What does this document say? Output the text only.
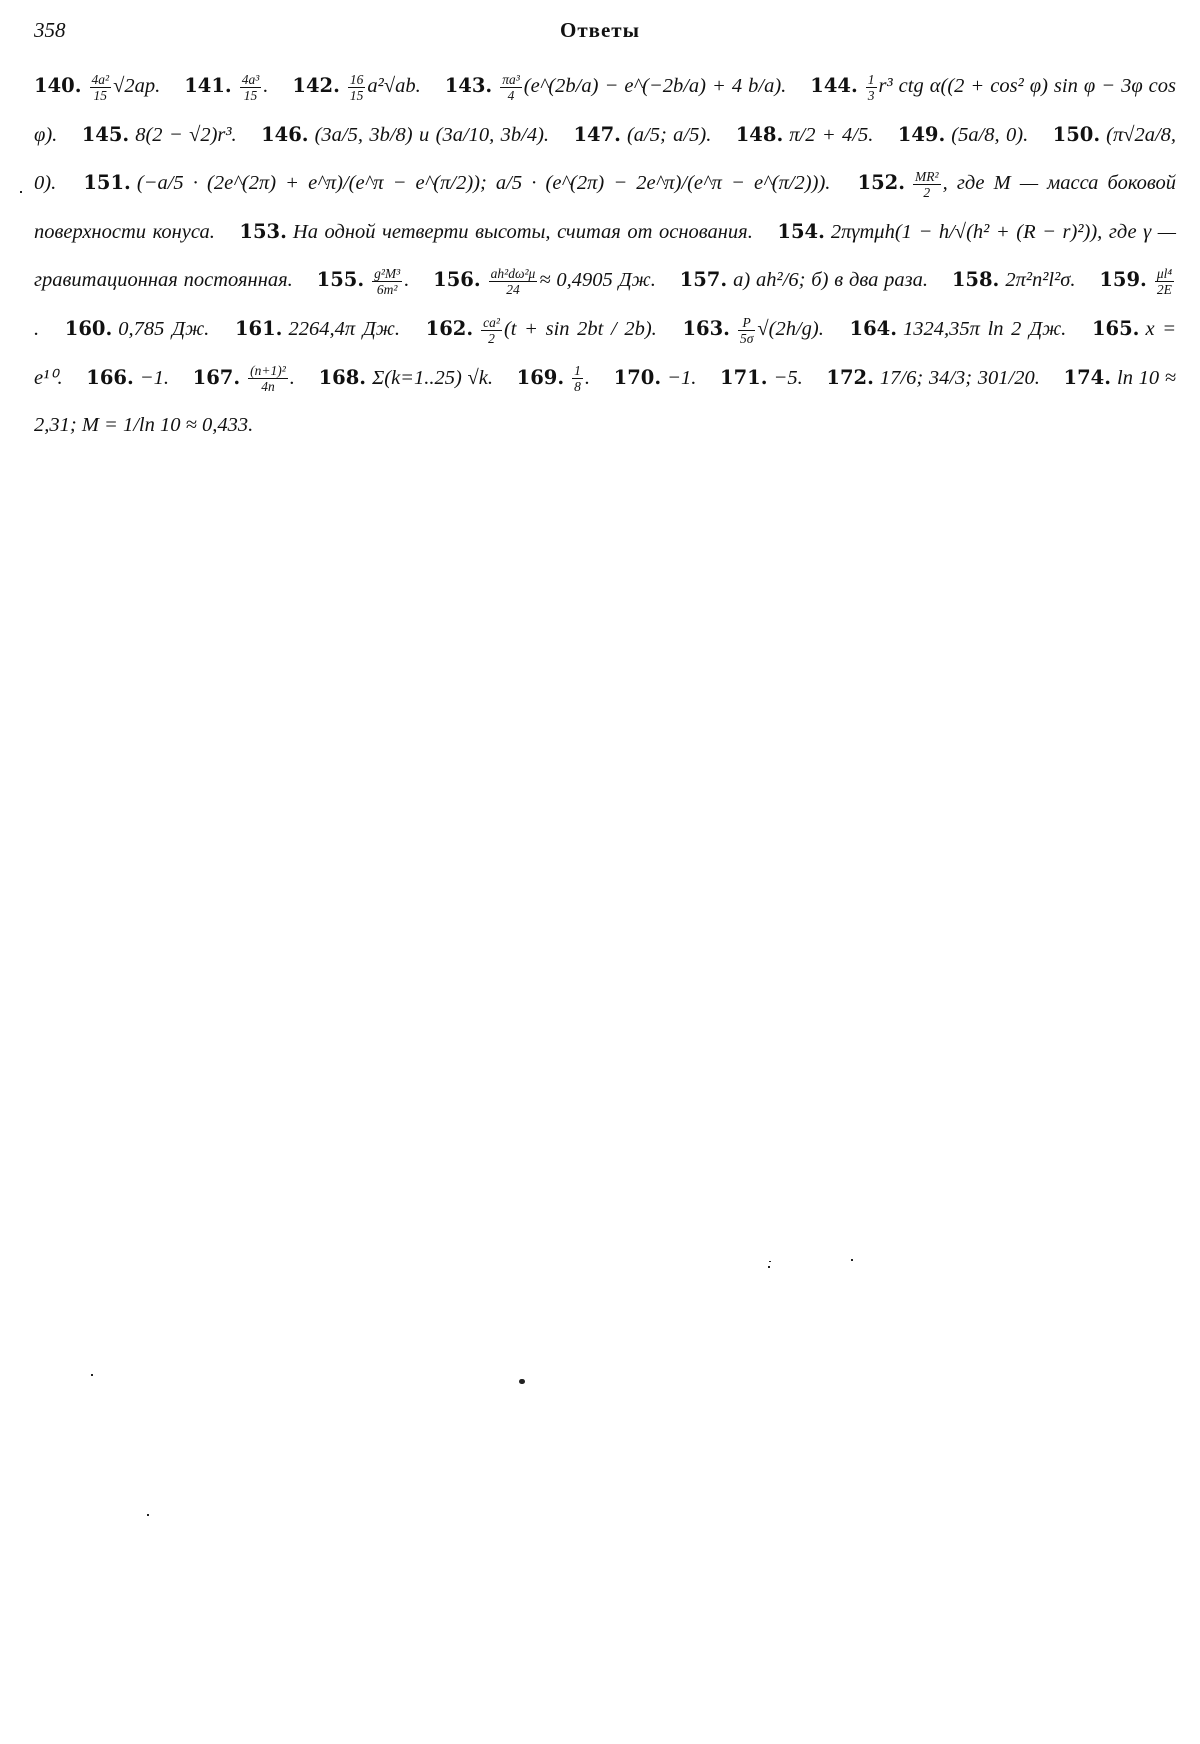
358	Ответы
140. $\frac{\text{4a²}}{15} √2ap$. 141. $\frac{\text{4a³}}{15}$ . 142. $\frac{16}{15} a^2√ab$. 143. $\frac{\text{πa³}}{4}$ (e^(2b/a) − e^(−2b/a) + 4 b/a). 144. $\frac{1}{3} r^3$ ctg α((2 + cos² φ) sin φ − 3φ cos φ). 145. 8(2 − √2)r³. 146. (3a/5, 3b/8) и (3a/10, 3b/4). 147. (a/5; a/5). 148. π/2 + 4/5. 149. (5a/8, 0). 150. (π√2a/8, 0). 151. (−a/5 · (2e^(2π) + e^π)/(e^π − e^(π/2)); a/5 · (e^(2π) − 2e^π)/(e^π − e^(π/2))). 152. $\frac{\text{MR²}}{2}$ , где M — масса боковой поверхности конуса. 153. На одной четверти высоты, считая от основания. 154. 2πγmμh(1 − h/√(h² + (R − r)²)), где γ — гравитационная постоянная. 155. $\frac{\text{g²M³}}{\text{6m²}}$ . 156. $\frac{\text{ah²dω²μ}}{24} \approx 0,4905$ Дж. 157. а) ah²/6; б) в два раза. 158. 2π²n²l²σ. 159. $\frac{\text{μl⁴}}{2E}$
. 160. 0,785 Дж. 161. 2264,4π Дж. 162. $\frac{\text{ca²}}{2} (t + \sin 2bt / 2b)$. 163. $\frac{P}{5\sigma} √(2h/g)$. 164. 1324,35π ln 2 Дж. 165. x = e¹⁰. 166. −1. 167. $\frac{\text{(n+1)²}}{4n}$ . 168. Σ(k=1..25) √k. 169. $\frac{1}{8}$ . 170. −1. 171. −5. 172. 17/6; 34/3; 301/20. 174. ln 10 ≈ 2,31; M = 1/ln 10 ≈ 0,433.
